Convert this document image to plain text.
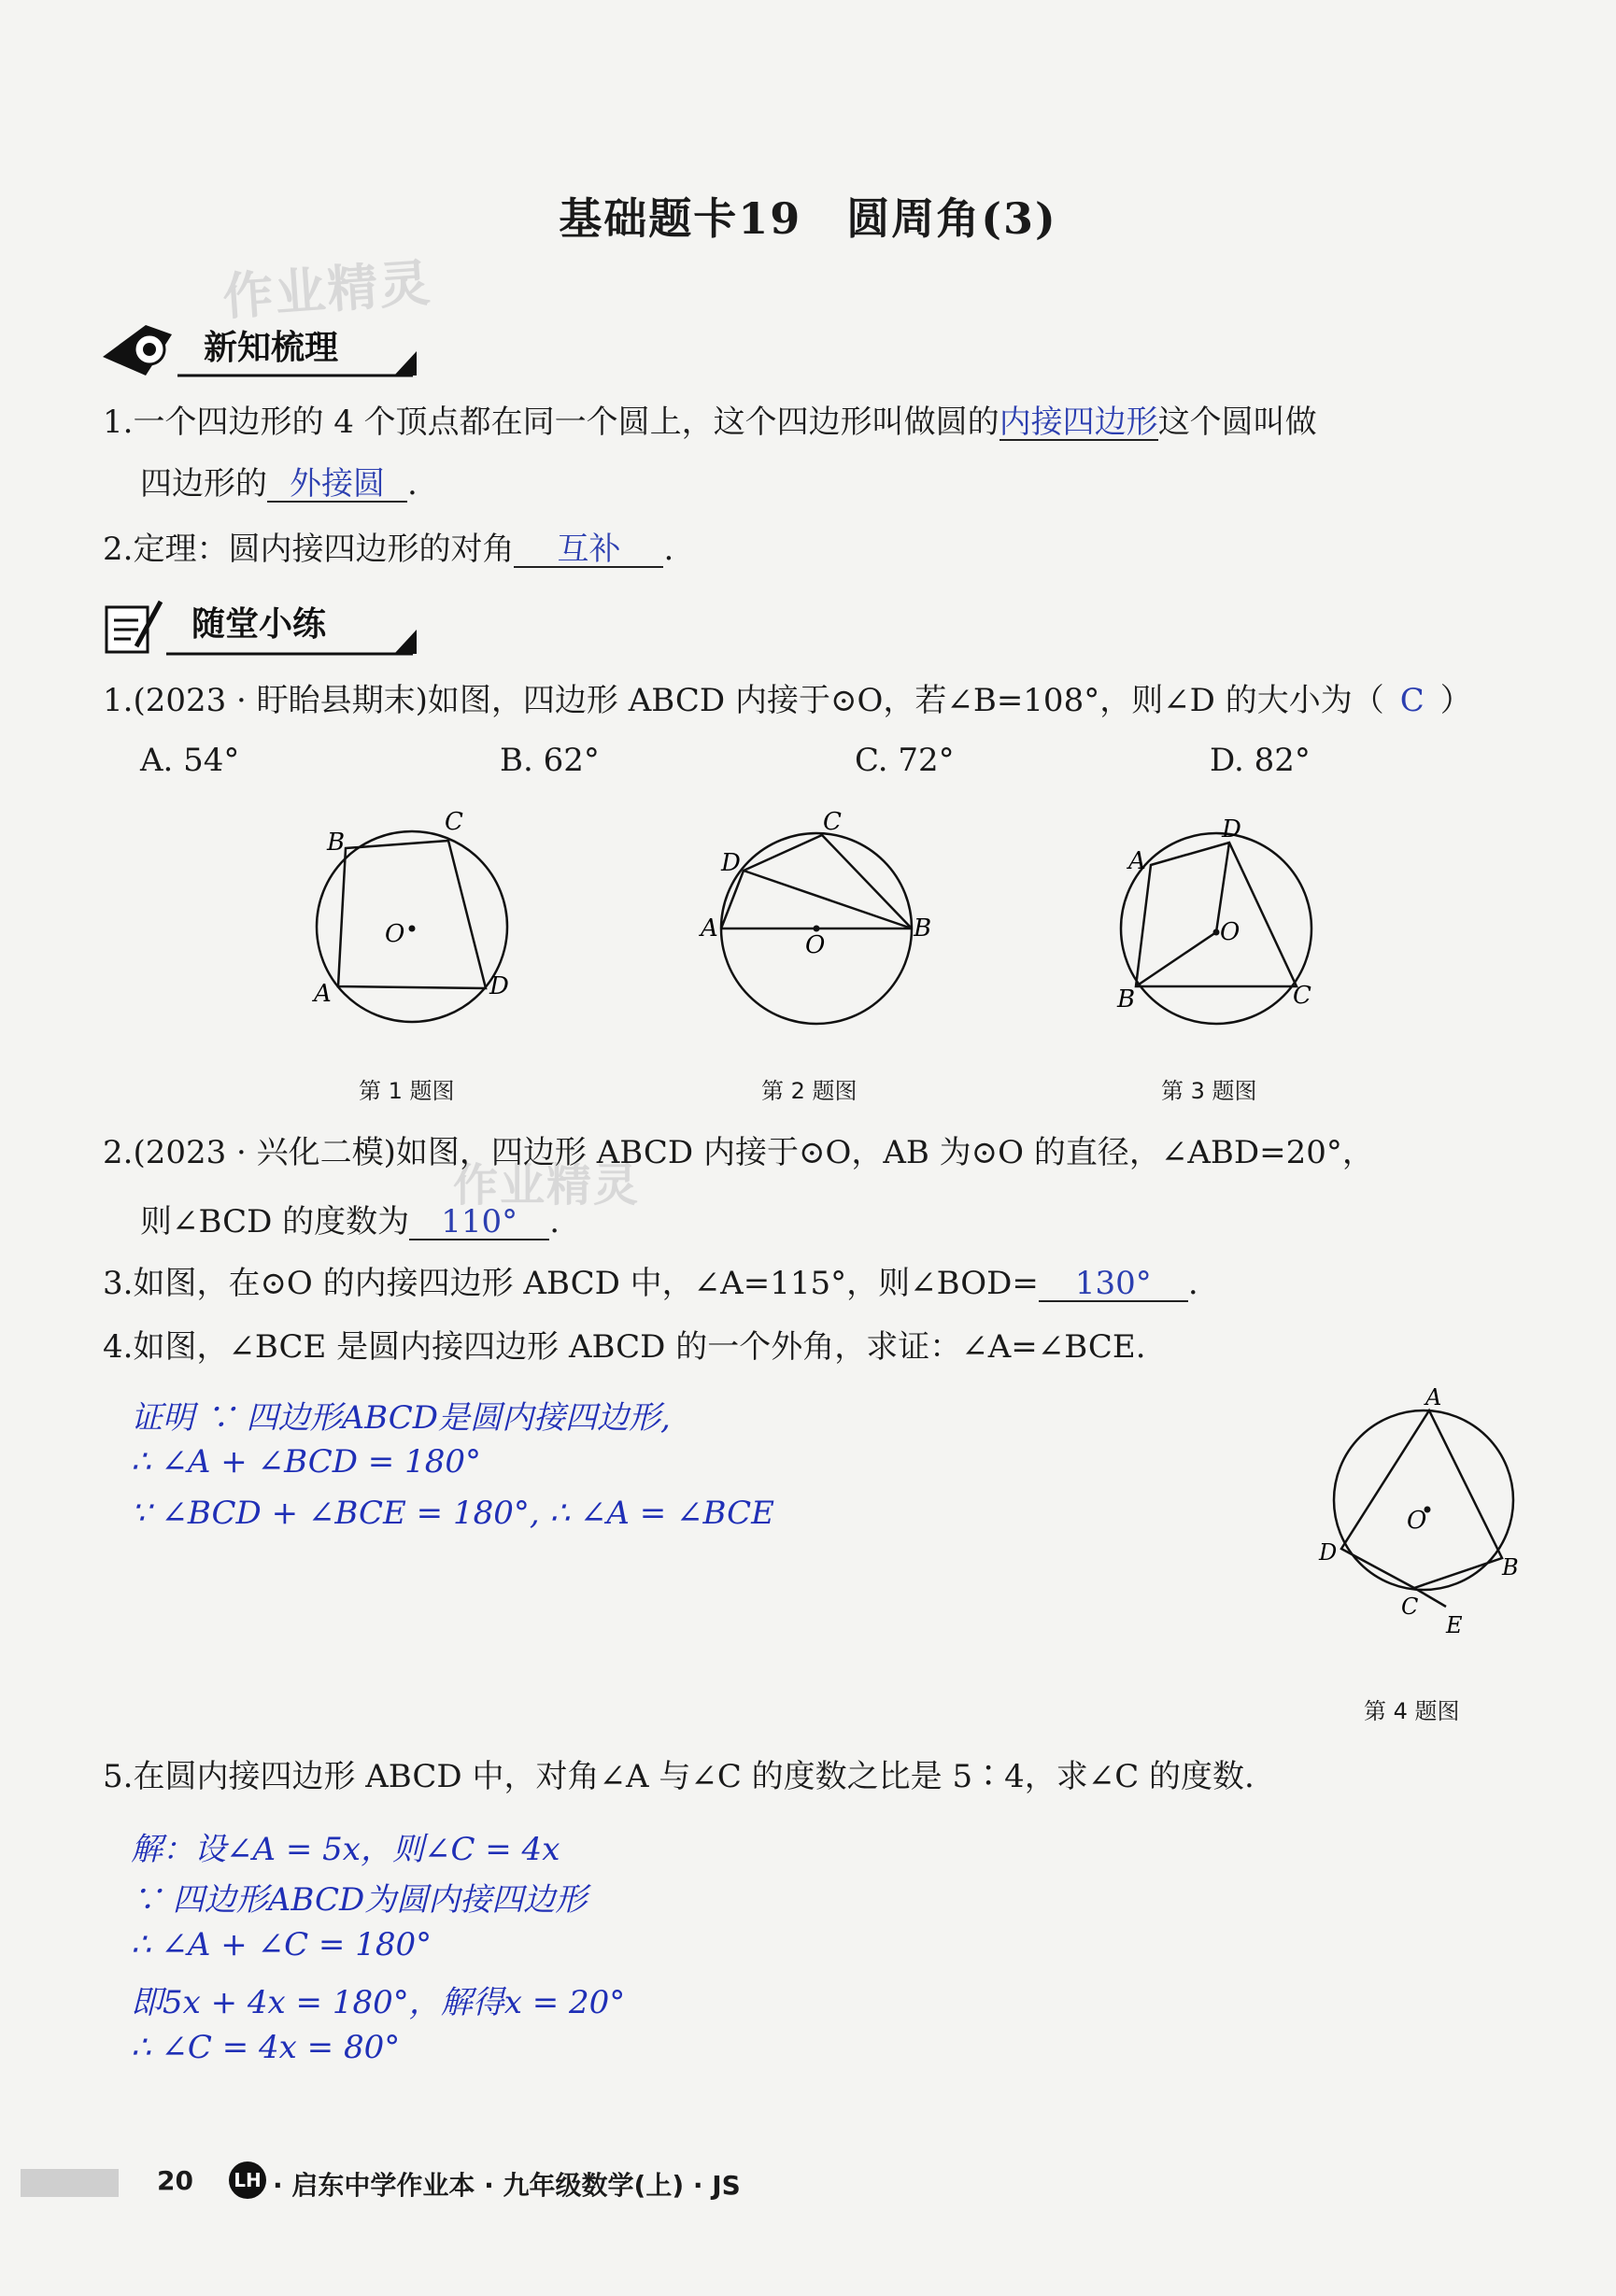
基础题卡19　圆周角(3)
作业精灵
作业精灵
新知梳理
1.一个四边形的 4 个顶点都在同一个圆上，这个四边形叫做圆的内接四边形这个圆叫做
四边形的 外接圆 .
2.定理：圆内接四边形的对角 互补 .
随堂小练
1.(2023 · 盱眙县期末)如图，四边形 ABCD 内接于⊙O，若∠B=108°，则∠D 的大小为（ C ）
A. 54°	B. 62°	C. 72°	D. 82°
B
C
O
A	D
C
D
A
O
B
D
A
O
B	C
第 1 题图	第 2 题图	第 3 题图
2.(2023 · 兴化二模)如图，四边形 ABCD 内接于⊙O，AB 为⊙O 的直径，∠ABD=20°，
则∠BCD 的度数为 110° .
3.如图，在⊙O 的内接四边形 ABCD 中，∠A=115°，则∠BOD= 130° .
4.如图，∠BCE 是圆内接四边形 ABCD 的一个外角，求证：∠A=∠BCE.
证明 ∵ 四边形ABCD是圆内接四边形,
∴ ∠A + ∠BCD = 180°
∵ ∠BCD + ∠BCE = 180°, ∴ ∠A = ∠BCE
A
O
D
B
C
E
第 4 题图
5.在圆内接四边形 ABCD 中，对角∠A 与∠C 的度数之比是 5∶4，求∠C 的度数.
解：设∠A = 5x，则∠C = 4x
∵ 四边形ABCD为圆内接四边形
∴ ∠A + ∠C = 180°
即5x + 4x = 180°，解得x = 20°
∴ ∠C = 4x = 80°
20 LH · 启东中学作业本 · 九年级数学(上) · JS
